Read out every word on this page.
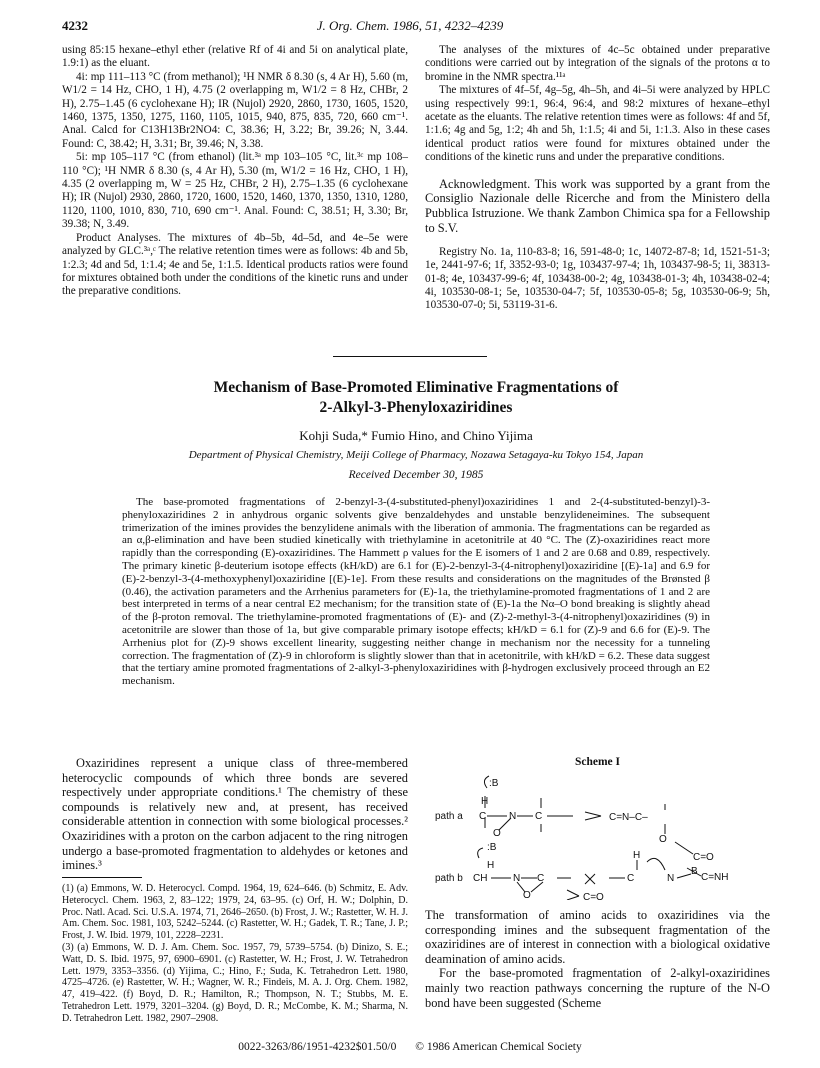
4232	J. Org. Chem. 1986, 51, 4232–4239

using 85:15 hexane–ethyl ether (relative Rf of 4i and 5i on analytical plate, 1.9:1) as the eluant.

4i: mp 111–113 °C (from methanol); ¹H NMR δ 8.30 (s, 4 Ar H), 5.60 (m, W1/2 = 14 Hz, CHO, 1 H), 4.75 (2 overlapping m, W1/2 = 8 Hz, CHBr, 2 H), 2.75–1.45 (6 cyclohexane H); IR (Nujol) 2920, 2860, 1730, 1605, 1520, 1460, 1375, 1350, 1275, 1160, 1105, 1015, 940, 875, 835, 720, 660 cm⁻¹. Anal. Calcd for C13H13Br2NO4: C, 38.36; H, 3.22; Br, 39.26; N, 3.44. Found: C, 38.42; H, 3.31; Br, 39.46; N, 3.38.

5i: mp 105–117 °C (from ethanol) (lit.³ᵃ mp 103–105 °C, lit.³ᶜ mp 108–110 °C); ¹H NMR δ 8.30 (s, 4 Ar H), 5.30 (m, W1/2 = 16 Hz, CHO, 1 H), 4.35 (2 overlapping m, W = 25 Hz, CHBr, 2 H), 2.75–1.35 (6 cyclohexane H); IR (Nujol) 2930, 2860, 1720, 1600, 1520, 1460, 1370, 1350, 1310, 1280, 1120, 1100, 1010, 830, 710, 690 cm⁻¹. Anal. Found: C, 38.51; H, 3.30; Br, 39.38; N, 3.49.

Product Analyses. The mixtures of 4b–5b, 4d–5d, and 4e–5e were analyzed by GLC.³ᵃ,ᶜ The relative retention times were as follows: 4b and 5b, 1:2.3; 4d and 5d, 1:1.4; 4e and 5e, 1:1.5. Identical products ratios were found for mixtures obtained both under the conditions of the kinetic runs and under the preparative conditions.

The analyses of the mixtures of 4c–5c obtained under preparative conditions were carried out by integration of the signals of the protons α to bromine in the NMR spectra.¹¹ᵃ

The mixtures of 4f–5f, 4g–5g, 4h–5h, and 4i–5i were analyzed by HPLC using respectively 99:1, 96:4, 96:4, and 98:2 mixtures of hexane–ethyl acetate as the eluants. The relative retention times were as follows: 4f and 5f, 1:1.6; 4g and 5g, 1:2; 4h and 5h, 1:1.5; 4i and 5i, 1:1.3. Also in these cases identical product ratios were found for mixtures obtained under the conditions of the kinetic runs and under the preparative conditions.

Acknowledgment. This work was supported by a grant from the Consiglio Nazionale delle Ricerche and from the Ministero della Pubblica Istruzione. We thank Zambon Chimica spa for a Fellowship to S.V.

Registry No. 1a, 110-83-8; 16, 591-48-0; 1c, 14072-87-8; 1d, 1521-51-3; 1e, 2441-97-6; 1f, 3352-93-0; 1g, 103437-97-4; 1h, 103437-98-5; 1i, 38313-01-8; 4e, 103437-99-6; 4f, 103438-00-2; 4g, 103438-01-3; 4h, 103438-02-4; 4i, 103530-08-1; 5e, 103530-04-7; 5f, 103530-05-8; 5g, 103530-06-9; 5h, 103530-07-0; 5i, 53119-31-6.

Mechanism of Base-Promoted Eliminative Fragmentations of
2-Alkyl-3-Phenyloxaziridines
Kohji Suda,* Fumio Hino, and Chino Yijima
Department of Physical Chemistry, Meiji College of Pharmacy, Nozawa Setagaya-ku Tokyo 154, Japan
Received December 30, 1985
The base-promoted fragmentations of 2-benzyl-3-(4-substituted-phenyl)oxaziridines 1 and 2-(4-substituted-benzyl)-3-phenyloxaziridines 2 in anhydrous organic solvents give benzaldehydes and unstable benzylideneimines. The subsequent trimerization of the imines provides the benzylidene animals with the liberation of ammonia. The fragmentations can be regarded as an α,β-elimination and have been studied kinetically with triethylamine in acetonitrile at 40 °C. The (Z)-oxaziridines react more rapidly than the corresponding (E)-oxaziridines. The Hammett ρ values for the E isomers of 1 and 2 are 0.68 and 0.89, respectively. The primary kinetic β-deuterium isotope effects (kH/kD) are 6.1 for (E)-2-benzyl-3-(4-nitrophenyl)oxaziridine [(E)-1a] and 6.9 for (E)-2-benzyl-3-(4-methoxyphenyl)oxaziridine [(E)-1e]. From these results and considerations on the magnitudes of the Brønsted β (0.46), the activation parameters and the Arrhenius parameters for (E)-1a, the triethylamine-promoted fragmentations of 1 and 2 are best interpreted in terms of a near central E2 mechanism; for the transition state of (E)-1a the Nα–O bond breaking is slightly ahead of the β-proton removal. The triethylamine-promoted fragmentations of (E)- and (Z)-2-methyl-3-(4-nitrophenyl)oxaziridines (9) in acetonitrile are slower than those of 1a, but give comparable primary isotope effects; kH/kD = 6.1 for (Z)-9 and 6.6 for (E)-9. The Arrhenius plot for (Z)-9 shows excellent linearity, suggesting neither change in mechanism nor the necessity for a tunneling correction. The fragmentation of (Z)-9 in chloroform is slightly slower than that in acetonitrile, with kH/kD = 6.2. These data suggest that the tertiary amine promoted fragmentations of 2-alkyl-3-phenyloxaziridines with β-hydrogen exclusively proceed through an E2 mechanism.

Oxaziridines represent a unique class of three-membered heterocyclic compounds of which three bonds are severed respectively under appropriate conditions.¹ The chemistry of these compounds is relatively new and, at present, has received considerable attention in connection with some biological processes.² Oxaziridines with a proton on the carbon adjacent to the ring nitrogen undergo a base-promoted fragmentation to aldehydes or ketones and imines.³

(1) (a) Emmons, W. D. Heterocycl. Compd. 1964, 19, 624–646. (b) Schmitz, E. Adv. Heterocycl. Chem. 1963, 2, 83–122; 1979, 24, 63–95. (c) Orf, H. W.; Dolphin, D. Proc. Natl. Acad. Sci. U.S.A. 1974, 71, 2646–2650. (b) Frost, J. W.; Rastetter, W. H. J. Am. Chem. Soc. 1981, 103, 5242–5244. (c) Rastetter, W. H.; Gadek, T. R.; Tane, J. P.; Frost, J. W. Ibid. 1979, 101, 2228–2231.

(3) (a) Emmons, W. D. J. Am. Chem. Soc. 1957, 79, 5739–5754. (b) Dinizo, S. E.; Watt, D. S. Ibid. 1975, 97, 6900–6901. (c) Rastetter, W. H.; Frost, J. W. Tetrahedron Lett. 1979, 3353–3356. (d) Yijima, C.; Hino, F.; Suda, K. Tetrahedron Lett. 1980, 4725–4726. (e) Rastetter, W. H.; Wagner, W. R.; Findeis, M. A. J. Org. Chem. 1982, 47, 419–422. (f) Boyd, D. R.; Hamilton, R.; Thompson, N. T.; Stubbs, M. E. Tetrahedron Lett. 1979, 3201–3204. (g) Boyd, D. R.; McCombe, K. M.; Sharma, N. D. Tetrahedron Lett. 1982, 2907–2908.

Scheme I
:B
H
path a C N C
O
C=N–C–
O
C=O
C=NH
:B
H
path b CH	N C
O
C
H
N
B
C=O

The transformation of amino acids to oxaziridines via the corresponding imines and the subsequent fragmentation of the oxaziridines are of interest in connection with a biological oxidative deamination of amino acids.

For the base-promoted fragmentation of 2-alkyl-oxaziridines mainly two reaction pathways concerning the rupture of the N-O bond have been suggested (Scheme

0022-3263/86/1951-4232$01.50/0 © 1986 American Chemical Society
